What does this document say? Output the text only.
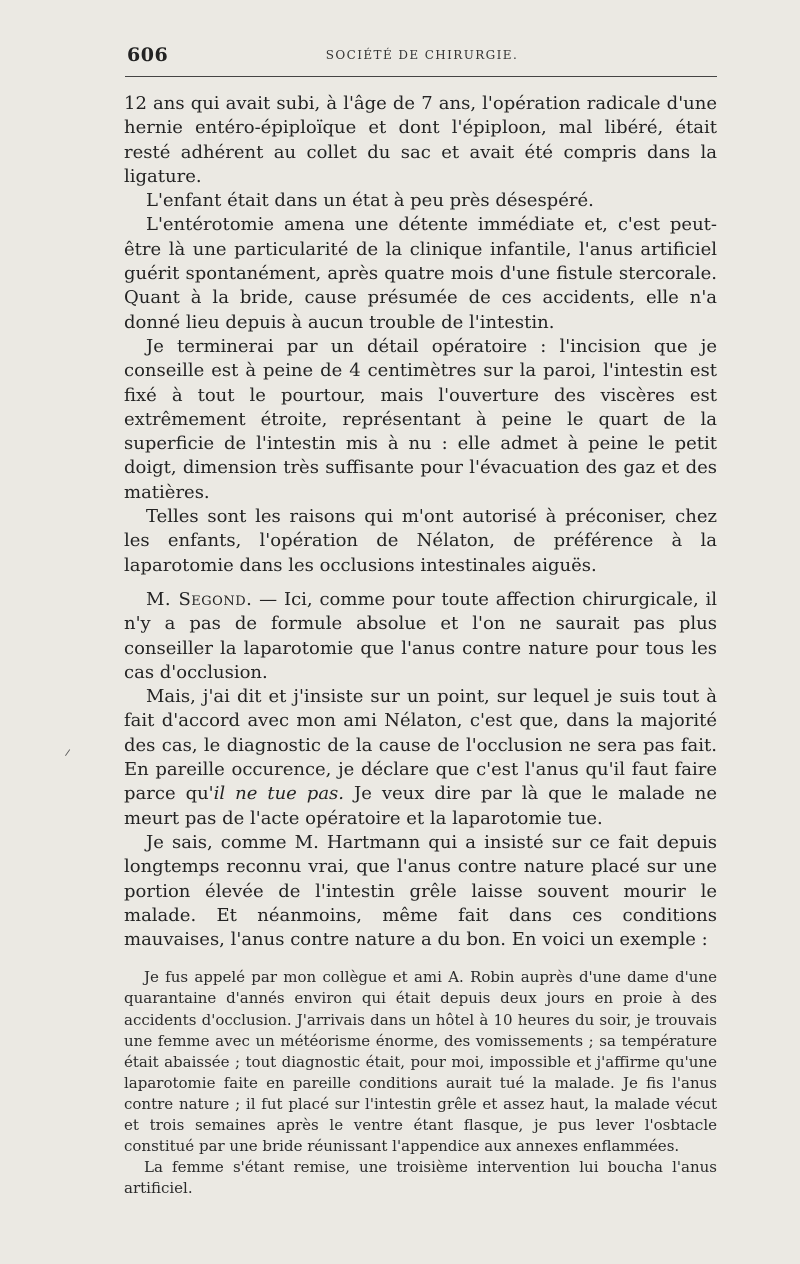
606	SOCIÉTÉ DE CHIRURGIE.
⸍

12 ans qui avait subi, à l'âge de 7 ans, l'opération radicale d'une hernie entéro-épiploïque et dont l'épiploon, mal libéré, était resté adhérent au collet du sac et avait été compris dans la ligature.

L'enfant était dans un état à peu près désespéré.

L'entérotomie amena une détente immédiate et, c'est peut-être là une particularité de la clinique infantile, l'anus artificiel guérit spontanément, après quatre mois d'une fistule stercorale. Quant à la bride, cause présumée de ces accidents, elle n'a donné lieu depuis à aucun trouble de l'intestin.

Je terminerai par un détail opératoire : l'incision que je conseille est à peine de 4 centimètres sur la paroi, l'intestin est fixé à tout le pourtour, mais l'ouverture des viscères est extrêmement étroite, représentant à peine le quart de la superficie de l'intestin mis à nu : elle admet à peine le petit doigt, dimension très suffisante pour l'évacuation des gaz et des matières.

Telles sont les raisons qui m'ont autorisé à préconiser, chez les enfants, l'opération de Nélaton, de préférence à la laparotomie dans les occlusions intestinales aiguës.

M. Segond. — Ici, comme pour toute affection chirurgicale, il n'y a pas de formule absolue et l'on ne saurait pas plus conseiller la laparotomie que l'anus contre nature pour tous les cas d'occlusion.

Mais, j'ai dit et j'insiste sur un point, sur lequel je suis tout à fait d'accord avec mon ami Nélaton, c'est que, dans la majorité des cas, le diagnostic de la cause de l'occlusion ne sera pas fait. En pareille occurence, je déclare que c'est l'anus qu'il faut faire parce qu'il ne tue pas. Je veux dire par là que le malade ne meurt pas de l'acte opératoire et la laparotomie tue.

Je sais, comme M. Hartmann qui a insisté sur ce fait depuis longtemps reconnu vrai, que l'anus contre nature placé sur une portion élevée de l'intestin grêle laisse souvent mourir le malade. Et néanmoins, même fait dans ces conditions mauvaises, l'anus contre nature a du bon. En voici un exemple :

Je fus appelé par mon collègue et ami A. Robin auprès d'une dame d'une quarantaine d'annés environ qui était depuis deux jours en proie à des accidents d'occlusion. J'arrivais dans un hôtel à 10 heures du soir, je trouvais une femme avec un météorisme énorme, des vomissements ; sa température était abaissée ; tout diagnostic était, pour moi, impossible et j'affirme qu'une laparotomie faite en pareille conditions aurait tué la malade. Je fis l'anus contre nature ; il fut placé sur l'intestin grêle et assez haut, la malade vécut et trois semaines après le ventre étant flasque, je pus lever l'osbtacle constitué par une bride réunissant l'appendice aux annexes enflammées.

La femme s'étant remise, une troisième intervention lui boucha l'anus artificiel.
